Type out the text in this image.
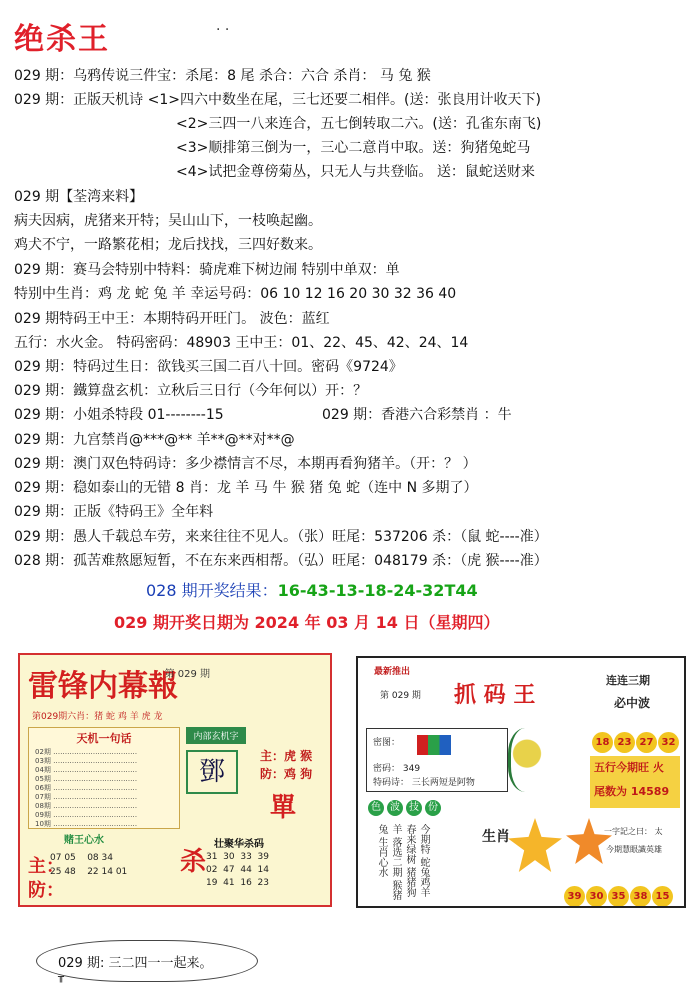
绝杀王	· ·
029 期：乌鸦传说三件宝：杀尾：8 尾 杀合：六合 杀肖： 马 兔 猴
029 期：正版天机诗 <1>四六中数坐在尾，三七还要二相伴。(送：张良用计收天下)
<2>三四一八来连合，五七倒转取二六。(送：孔雀东南飞)
<3>顺排第三倒为一，三心二意肖中取。送：狗猪兔蛇马
<4>试把金尊傍菊丛，只无人与共登临。 送：鼠蛇送财来
029 期【荃湾来料】
病夫因病，虎猪来开特；吴山山下，一枝唤起幽。
鸡犬不宁，一路繁花相；龙后找找，三四好数来。
029 期：赛马会特别中特料：骑虎难下树边闹 特别中单双：单
特别中生肖：鸡 龙 蛇 兔 羊 幸运号码：06 10 12 16 20 30 32 36 40
029 期特码王中王：本期特码开旺门。 波色：蓝红
五行：水火金。 特码密码：48903 王中王：01、22、45、42、24、14
029 期：特码过生日：欲钱买三国二百八十回。密码《9724》
029 期：鐵算盘玄机：立秋后三日行（今年何以）开：？
029 期：小姐杀特段 01--------15	029 期：香港六合彩禁肖 ：牛
029 期：九宫禁肖@***@** 羊**@**对**@
029 期：澳门双色特码诗：多少襟情言不尽，本期再看狗猪羊。（开：？ ）
029 期：稳如泰山的无错 8 肖：龙 羊 马 牛 猴 猪 兔 蛇（连中 N 多期了）
029 期：正版《特码王》全年料
029 期：愚人千载总车劳，来来往往不见人。（张）旺尾：537206 杀：（鼠 蛇----准）
028 期：孤苦难熬愿短暂，不在东来西相帮。（弘）旺尾：048179 杀：（虎 猴----准）
028 期开奖结果：16-43-13-18-24-32T44
029 期开奖日期为 2024 年 03 月 14 日（星期四）
雷锋内幕報
第 029 期
第029期六肖：猪 蛇 鸡 羊 虎 龙
天机一句话
02期 ………………………………
03期 ………………………………
04期 ………………………………
05期 ………………………………
06期 ………………………………
07期 ………………………………
08期 ………………………………
09期 ………………………………
10期 ………………………………
内部玄机字
鄧
主：虎 猴
防：鸡 狗
單
赌王心水
07 05    08 34
25 48    22 14 01
主：
防：
杀
壮聚华杀码
31  30  33  39
02  47  44  14
19  41  16  23
最新推出
第 029 期 抓 码 王
连连三期
必中波
18 23 27 32
五行今期旺 火
尾数为 14589
密图：
密码： 349
特码诗： 三长两短是阿物
色 波 技 份
今期特 蛇兔鸡羊 春来绿树 猪猪狗羊 落选二期 猴猪兔 生肖心水	生肖	一字記之曰： 太
今期慧眼識英雄
39 30 35 38 15
029 期: 三二四一一起来。
╥
